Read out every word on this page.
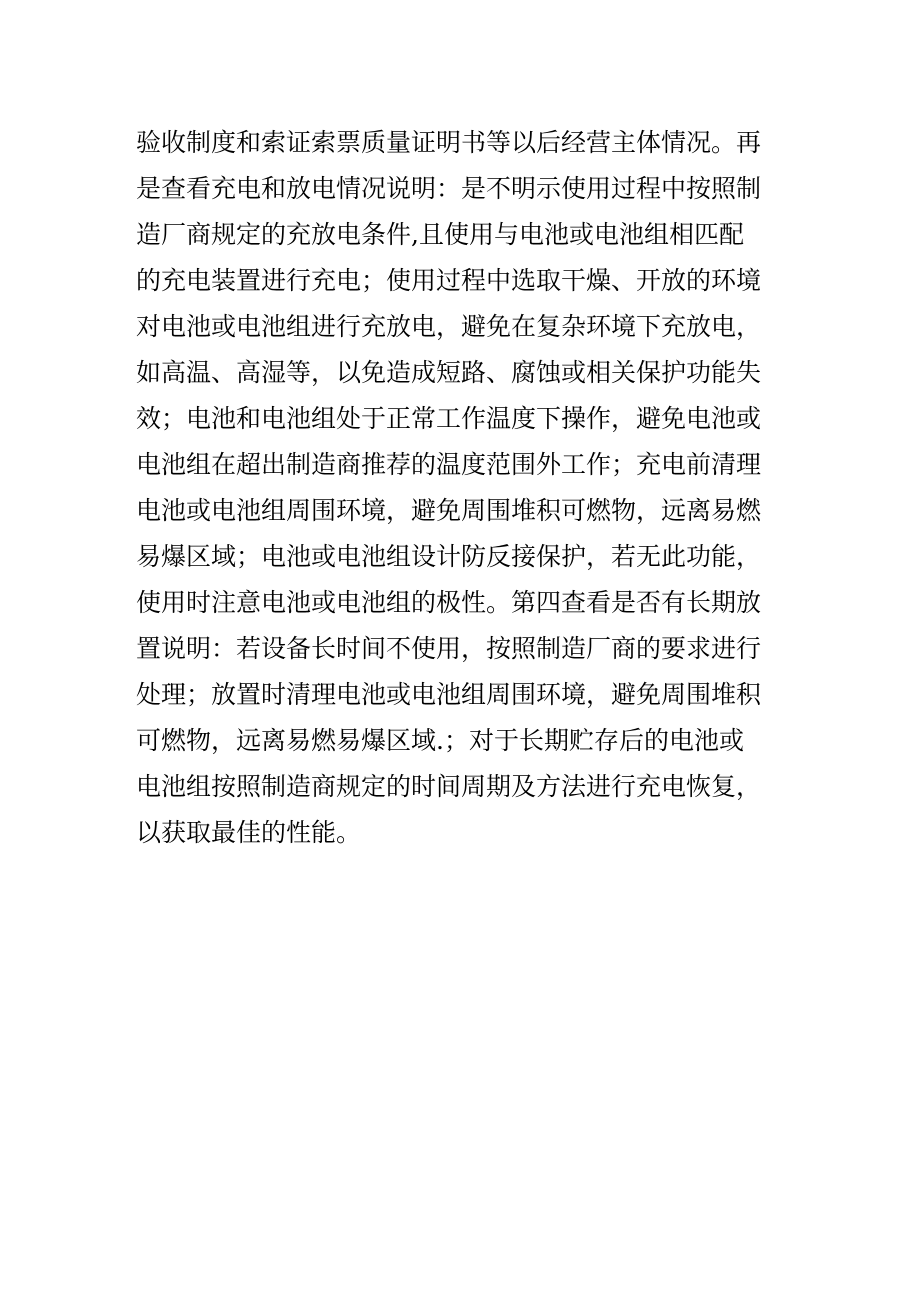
验收制度和索证索票质量证明书等以后经营主体情况。再
是查看充电和放电情况说明：是不明示使用过程中按照制
造厂商规定的充放电条件,且使用与电池或电池组相匹配
的充电装置进行充电；使用过程中选取干燥、开放的环境
对电池或电池组进行充放电，避免在复杂环境下充放电，
如高温、高湿等，以免造成短路、腐蚀或相关保护功能失
效；电池和电池组处于正常工作温度下操作，避免电池或
电池组在超出制造商推荐的温度范围外工作；充电前清理
电池或电池组周围环境，避免周围堆积可燃物，远离易燃
易爆区域；电池或电池组设计防反接保护，若无此功能，
使用时注意电池或电池组的极性。第四查看是否有长期放
置说明：若设备长时间不使用，按照制造厂商的要求进行
处理；放置时清理电池或电池组周围环境，避免周围堆积
可燃物，远离易燃易爆区域.；对于长期贮存后的电池或
电池组按照制造商规定的时间周期及方法进行充电恢复，
以获取最佳的性能。
